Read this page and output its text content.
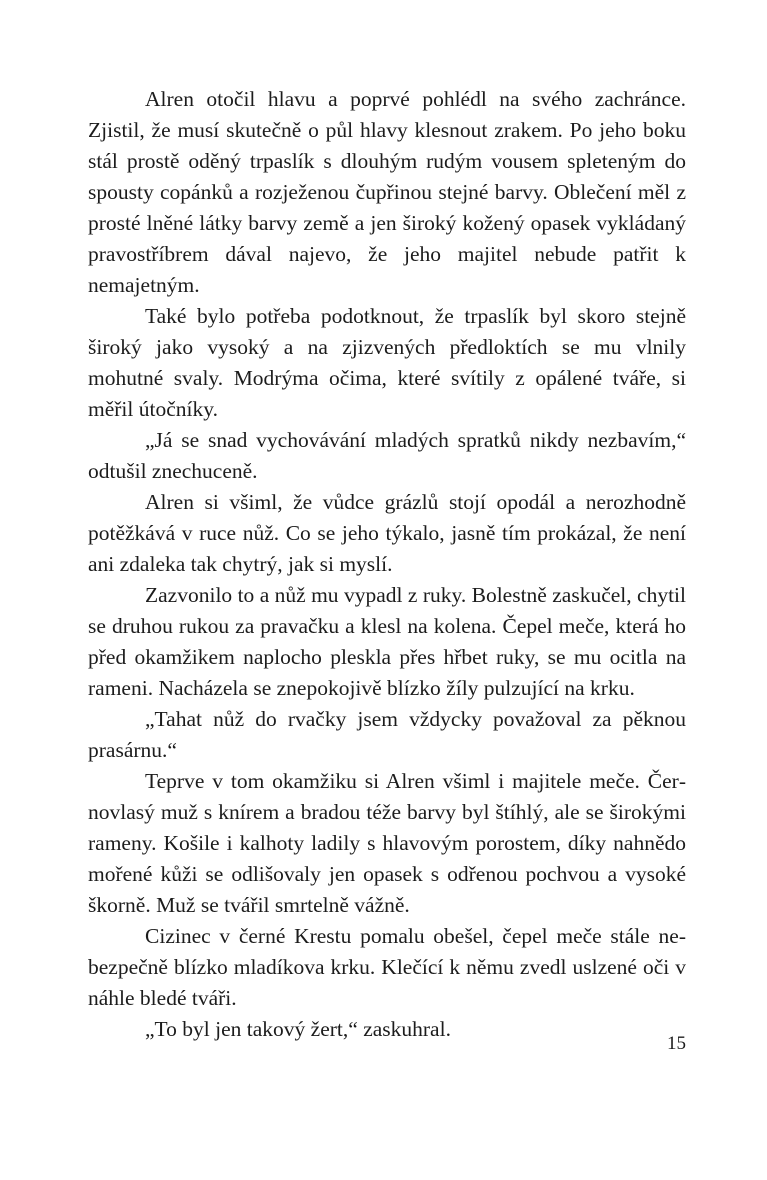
Alren otočil hlavu a poprvé pohlédl na svého zachránce. Zjistil, že musí skutečně o půl hlavy klesnout zrakem. Po jeho boku stál prostě oděný trpaslík s dlouhým rudým vousem spleteným do spousty copánků a rozježenou čupřinou stejné barvy. Oblečení měl z prosté lněné látky barvy země a jen široký kožený opasek vykládaný pravostříbrem dával najevo, že jeho majitel nebude patřit k nemajetným.

Také bylo potřeba podotknout, že trpaslík byl skoro stejně široký jako vysoký a na zjizvených předloktích se mu vlnily mohutné svaly. Modrýma očima, které svítily z opálené tváře, si měřil útočníky.

„Já se snad vychovávání mladých spratků nikdy nezbavím,“ odtušil znechuceně.

Alren si všiml, že vůdce grázlů stojí opodál a nerozhodně potěžkává v ruce nůž. Co se jeho týkalo, jasně tím prokázal, že není ani zdaleka tak chytrý, jak si myslí.

Zazvonilo to a nůž mu vypadl z ruky. Bolestně zaskučel, chytil se druhou rukou za pravačku a klesl na kolena. Čepel meče, která ho před okamžikem naplocho pleskla přes hřbet ruky, se mu ocitla na rameni. Nacházela se znepokojivě blízko žíly pulzující na krku.

„Tahat nůž do rvačky jsem vždycky považoval za pěknou prasárnu.“

Teprve v tom okamžiku si Alren všiml i majitele meče. Černovlasý muž s knírem a bradou téže barvy byl štíhlý, ale se širokými rameny. Košile i kalhoty ladily s hlavovým porostem, díky nahnědo mořené kůži se odlišovaly jen opasek s odřenou pochvou a vysoké škorně. Muž se tvářil smrtelně vážně.

Cizinec v černé Krestu pomalu obešel, čepel meče stále nebezpečně blízko mladíkova krku. Klečící k němu zvedl uslzené oči v náhle bledé tváři.

„To byl jen takový žert,“ zaskuhral.

15
